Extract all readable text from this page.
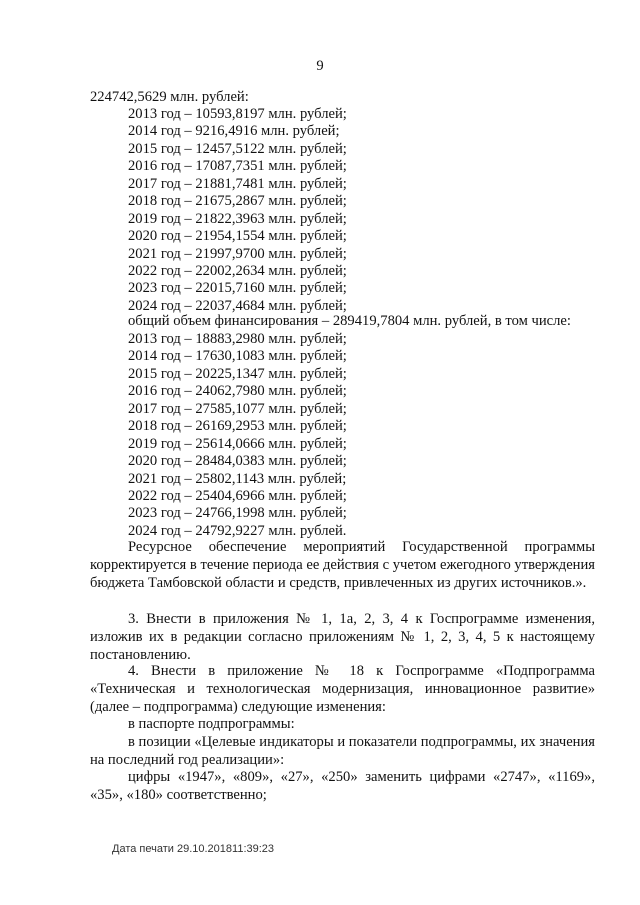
9
224742,5629 млн. рублей:
2013 год – 10593,8197 млн. рублей;
2014 год – 9216,4916 млн. рублей;
2015 год – 12457,5122 млн. рублей;
2016 год – 17087,7351 млн. рублей;
2017 год – 21881,7481 млн. рублей;
2018 год – 21675,2867 млн. рублей;
2019 год – 21822,3963 млн. рублей;
2020 год – 21954,1554 млн. рублей;
2021 год – 21997,9700 млн. рублей;
2022 год – 22002,2634 млн. рублей;
2023 год – 22015,7160 млн. рублей;
2024 год – 22037,4684 млн. рублей;
общий объем финансирования – 289419,7804 млн. рублей, в том числе:
2013 год – 18883,2980 млн. рублей;
2014 год – 17630,1083 млн. рублей;
2015 год – 20225,1347 млн. рублей;
2016 год – 24062,7980 млн. рублей;
2017 год – 27585,1077 млн. рублей;
2018 год – 26169,2953 млн. рублей;
2019 год – 25614,0666 млн. рублей;
2020 год – 28484,0383 млн. рублей;
2021 год – 25802,1143 млн. рублей;
2022 год – 25404,6966 млн. рублей;
2023 год – 24766,1998 млн. рублей;
2024 год – 24792,9227 млн. рублей.

Ресурсное обеспечение мероприятий Государственной программы корректируется в течение периода ее действия с учетом ежегодного утверждения бюджета Тамбовской области и средств, привлеченных из других источников.».

3. Внести в приложения № 1, 1а, 2, 3, 4 к Госпрограмме изменения, изложив их в редакции согласно приложениям № 1, 2, 3, 4, 5 к настоящему постановлению.

4. Внести в приложение № 18 к Госпрограмме «Подпрограмма «Техническая и технологическая модернизация, инновационное развитие» (далее – подпрограмма) следующие изменения:

в паспорте подпрограммы:

в позиции «Целевые индикаторы и показатели подпрограммы, их значения на последний год реализации»:

цифры «1947», «809», «27», «250» заменить цифрами «2747», «1169», «35», «180» соответственно;

Дата печати 29.10.201811:39:23
